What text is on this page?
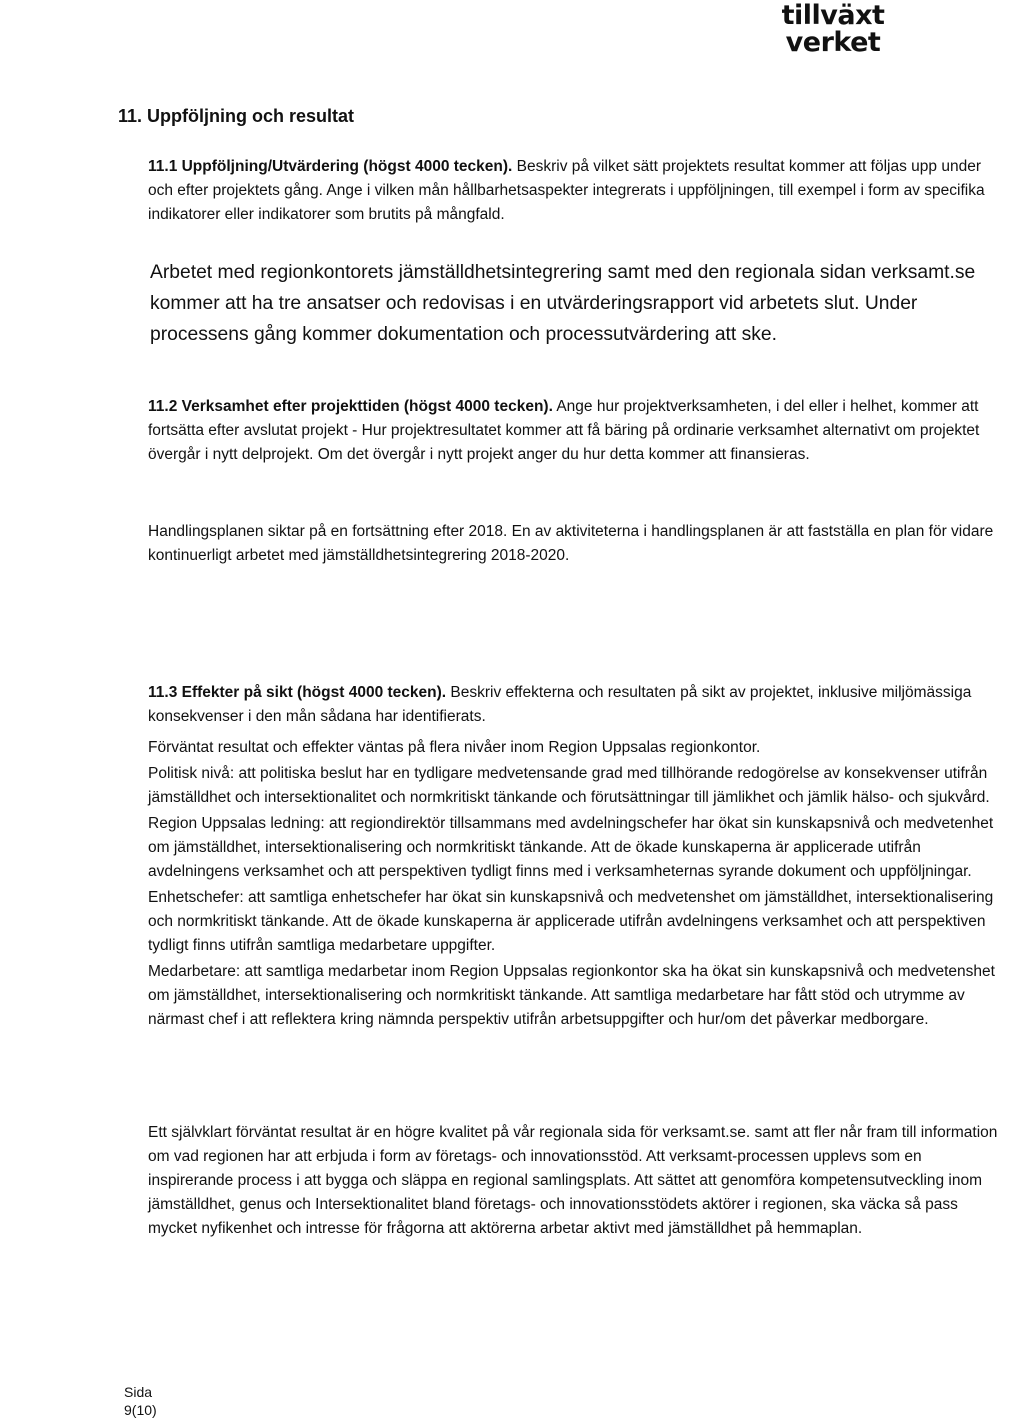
tillväxt
verket

11. Uppföljning och resultat

11.1 Uppföljning/Utvärdering (högst 4000 tecken). Beskriv på vilket sätt projektets resultat kommer att följas upp under och efter projektets gång. Ange i vilken mån hållbarhetsaspekter integrerats i uppföljningen, till exempel i form av specifika indikatorer eller indikatorer som brutits på mångfald.

Arbetet med regionkontorets jämställdhetsintegrering samt med den regionala sidan verksamt.se kommer att ha tre ansatser och redovisas i en utvärderingsrapport vid arbetets slut. Under processens gång kommer dokumentation och processutvärdering att ske.

11.2 Verksamhet efter projekttiden (högst 4000 tecken). Ange hur projektverksamheten, i del eller i helhet, kommer att fortsätta efter avslutat projekt - Hur projektresultatet kommer att få bäring på ordinarie verksamhet alternativt om projektet övergår i nytt delprojekt. Om det övergår i nytt projekt anger du hur detta kommer att finansieras.

Handlingsplanen siktar på en fortsättning efter 2018. En av aktiviteterna i handlingsplanen är att fastställa en plan för vidare kontinuerligt arbetet med jämställdhetsintegrering 2018-2020.

11.3 Effekter på sikt (högst 4000 tecken). Beskriv effekterna och resultaten på sikt av projektet, inklusive miljömässiga konsekvenser i den mån sådana har identifierats.

Förväntat resultat och effekter väntas på flera nivåer inom Region Uppsalas regionkontor.

Politisk nivå: att politiska beslut har en tydligare medvetensande grad med tillhörande redogörelse av konsekvenser utifrån jämställdhet och intersektionalitet och normkritiskt tänkande och förutsättningar till jämlikhet och jämlik hälso- och sjukvård.

Region Uppsalas ledning: att regiondirektör tillsammans med avdelningschefer har ökat sin kunskapsnivå och medvetenhet om jämställdhet, intersektionalisering och normkritiskt tänkande. Att de ökade kunskaperna är applicerade utifrån avdelningens verksamhet och att perspektiven tydligt finns med i verksamheternas syrande dokument och uppföljningar.

Enhetschefer: att samtliga enhetschefer har ökat sin kunskapsnivå och medvetenshet om jämställdhet, intersektionalisering och normkritiskt tänkande. Att de ökade kunskaperna är applicerade utifrån avdelningens verksamhet och att perspektiven tydligt finns utifrån samtliga medarbetare uppgifter.

Medarbetare: att samtliga medarbetar inom Region Uppsalas regionkontor ska ha ökat sin kunskapsnivå och medvetenshet om jämställdhet, intersektionalisering och normkritiskt tänkande. Att samtliga medarbetare har fått stöd och utrymme av närmast chef i att reflektera kring nämnda perspektiv utifrån arbetsuppgifter och hur/om det påverkar medborgare.

Ett självklart förväntat resultat är en högre kvalitet på vår regionala sida för verksamt.se. samt att fler når fram till information om vad regionen har att erbjuda i form av företags- och innovationsstöd. Att verksamt-processen upplevs som en inspirerande process i att bygga och släppa en regional samlingsplats. Att sättet att genomföra kompetensutveckling inom jämställdhet, genus och Intersektionalitet bland företags- och innovationsstödets aktörer i regionen, ska väcka så pass mycket nyfikenhet och intresse för frågorna att aktörerna arbetar aktivt med jämställdhet på hemmaplan.

Sida
9(10)
